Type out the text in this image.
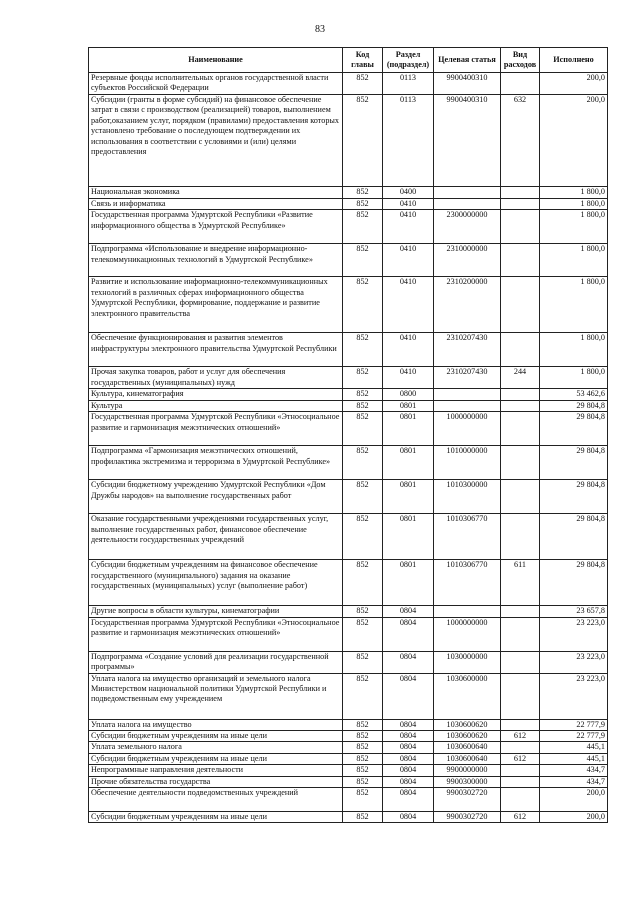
83
Наименование	Код главы	Раздел (подраздел)	Целевая статья	Вид расходов	Исполнено
Резервные фонды исполнительных органов государственной власти субъектов Российской Федерации	852	0113	9900400310		200,0
Субсидии (гранты в форме субсидий) на финансовое обеспечение затрат в связи с производством (реализацией) товаров, выполнением работ,оказанием услуг, порядком (правилами) предоставления которых установлено требование о последующем подтверждении их использования в соответствии с условиями и (или) целями предоставления	852	0113	9900400310	632	200,0
Национальная экономика	852	0400			1 800,0
Связь и информатика	852	0410			1 800,0
Государственная программа Удмуртской Республики «Развитие информационного общества в Удмуртской Республике»	852	0410	2300000000		1 800,0
Подпрограмма «Использование и внедрение информационно-телекоммуникационных технологий в Удмуртской Республике»	852	0410	2310000000		1 800,0
Развитие и использование информационно-телекоммуникационных технологий в различных сферах информационного общества Удмуртской Республики, формирование, поддержание и развитие электронного правительства	852	0410	2310200000		1 800,0
Обеспечение функционирования и развития элементов инфраструктуры электронного правительства Удмуртской Республики	852	0410	2310207430		1 800,0
Прочая закупка товаров, работ и услуг для обеспечения государственных (муниципальных) нужд	852	0410	2310207430	244	1 800,0
Культура, кинематография	852	0800			53 462,6
Культура	852	0801			29 804,8
Государственная программа Удмуртской Республики «Этносоциальное развитие и гармонизация межэтнических отношений»	852	0801	1000000000		29 804,8
Подпрограмма «Гармонизация межэтнических отношений, профилактика экстремизма и терроризма в Удмуртской Республике»	852	0801	1010000000		29 804,8
Субсидии бюджетному учреждению Удмуртской Республики «Дом Дружбы народов» на выполнение государственных работ	852	0801	1010300000		29 804,8
Оказание государственными учреждениями государственных услуг, выполнение государственных работ, финансовое обеспечение деятельности государственных учреждений	852	0801	1010306770		29 804,8
Субсидии бюджетным учреждениям на финансовое обеспечение государственного (муниципального) задания на оказание государственных (муниципальных) услуг (выполнение работ)	852	0801	1010306770	611	29 804,8
Другие вопросы в области культуры, кинематографии	852	0804			23 657,8
Государственная программа Удмуртской Республики «Этносоциальное развитие и гармонизация межэтнических отношений»	852	0804	1000000000		23 223,0
Подпрограмма «Создание условий для реализации государственной программы»	852	0804	1030000000		23 223,0
Уплата налога на имущество организаций и земельного налога Министерством национальной политики Удмуртской Республики и подведомственным ему учреждением	852	0804	1030600000		23 223,0
Уплата налога на имущество	852	0804	1030600620		22 777,9
Субсидии бюджетным учреждениям на иные цели	852	0804	1030600620	612	22 777,9
Уплата земельного налога	852	0804	1030600640		445,1
Субсидии бюджетным учреждениям на иные цели	852	0804	1030600640	612	445,1
Непрограммные направления деятельности	852	0804	9900000000		434,7
Прочие обязательства государства	852	0804	9900300000		434,7
Обеспечение деятельности подведомственных учреждений	852	0804	9900302720		200,0
Субсидии бюджетным учреждениям на иные цели	852	0804	9900302720	612	200,0
